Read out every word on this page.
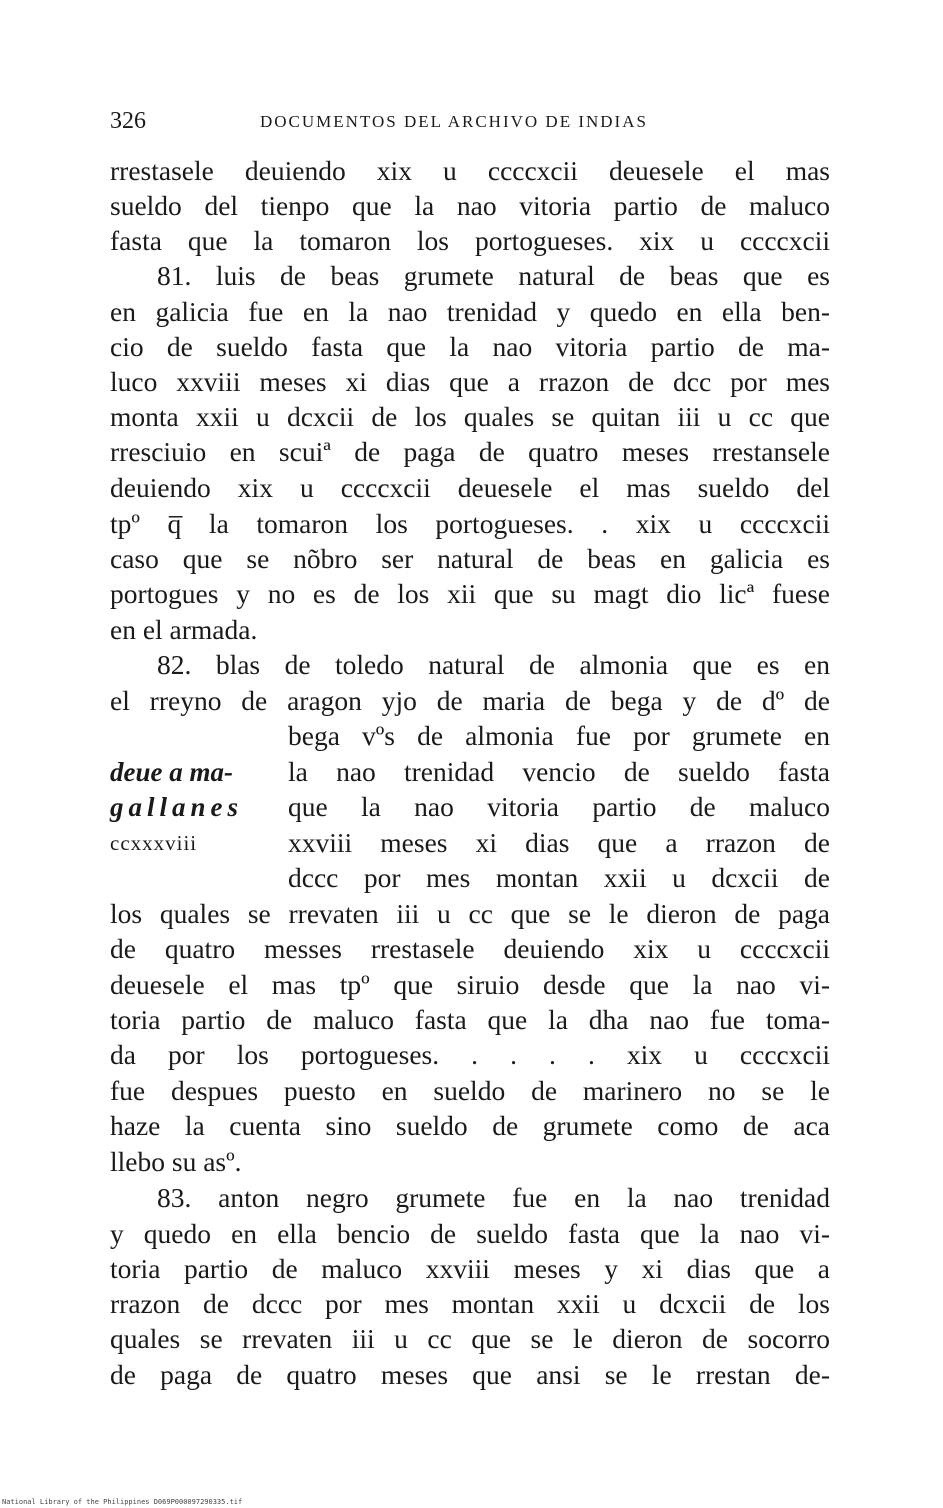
326	DOCUMENTOS DEL ARCHIVO DE INDIAS
rrestasele deuiendo xix u ccccxcii deuesele el mas
sueldo del tienpo que la nao vitoria partio de maluco
fasta que la tomaron los portogueses. xix u ccccxcii
81. luis de beas grumete natural de beas que es
en galicia fue en la nao trenidad y quedo en ella ben-
cio de sueldo fasta que la nao vitoria partio de ma-
luco xxviii meses xi dias que a rrazon de dcc por mes
monta xxii u dcxcii de los quales se quitan iii u cc que
rresciuio en scuiª de paga de quatro meses rrestansele
deuiendo xix u ccccxcii deuesele el mas sueldo del
tpº q̅ la tomaron los portogueses. . xix u ccccxcii
caso que se nõbro ser natural de beas en galicia es
portogues y no es de los xii que su magt dio licª fuese
en el armada.
82. blas de toledo natural de almonia que es en
el rreyno de aragon yjo de maria de bega y de dº de
bega vºs de almonia fue por grumete en
la nao trenidad vencio de sueldo fasta
que la nao vitoria partio de maluco
xxviii meses xi dias que a rrazon de
dccc por mes montan xxii u dcxcii de
deue a ma-
gallanes
ccxxxviii
los quales se rrevaten iii u cc que se le dieron de paga
de quatro messes rrestasele deuiendo xix u ccccxcii
deuesele el mas tpº que siruio desde que la nao vi-
toria partio de maluco fasta que la dha nao fue toma-
da por los portogueses. . . . . xix u ccccxcii
fue despues puesto en sueldo de marinero no se le
haze la cuenta sino sueldo de grumete como de aca
llebo su asº.
83. anton negro grumete fue en la nao trenidad
y quedo en ella bencio de sueldo fasta que la nao vi-
toria partio de maluco xxviii meses y xi dias que a
rrazon de dccc por mes montan xxii u dcxcii de los
quales se rrevaten iii u cc que se le dieron de socorro
de paga de quatro meses que ansi se le rrestan de-
National Library of the Philippines D069P000097290335.tif
